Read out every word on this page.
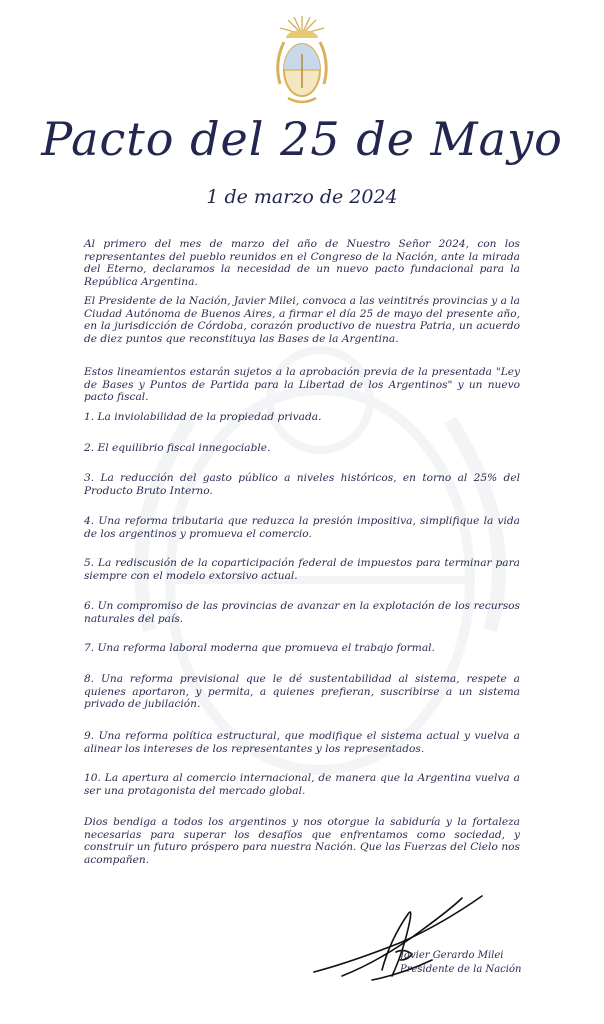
Pacto del 25 de Mayo
1 de marzo de 2024

Al primero del mes de marzo del año de Nuestro Señor 2024, con los representantes del pueblo reunidos en el Congreso de la Nación, ante la mirada del Eterno, declaramos la necesidad de un nuevo pacto fundacional para la República Argentina.

El Presidente de la Nación, Javier Milei, convoca a las veintitrés provincias y a la Ciudad Autónoma de Buenos Aires, a firmar el día 25 de mayo del presente año, en la jurisdicción de Córdoba, corazón productivo de nuestra Patria, un acuerdo de diez puntos que reconstituya las Bases de la Argentina.

Estos lineamientos estarán sujetos a la aprobación previa de la presentada "Ley de Bases y Puntos de Partida para la Libertad de los Argentinos" y un nuevo pacto fiscal.

1. La inviolabilidad de la propiedad privada.

2. El equilibrio fiscal innegociable.

3. La reducción del gasto público a niveles históricos, en torno al 25% del Producto Bruto Interno.

4. Una reforma tributaria que reduzca la presión impositiva, simplifique la vida de los argentinos y promueva el comercio.

5. La rediscusión de la coparticipación federal de impuestos para terminar para siempre con el modelo extorsivo actual.

6. Un compromiso de las provincias de avanzar en la explotación de los recursos naturales del país.

7. Una reforma laboral moderna que promueva el trabajo formal.

8. Una reforma previsional que le dé sustentabilidad al sistema, respete a quienes aportaron, y permita, a quienes prefieran, suscribirse a un sistema privado de jubilación.

9. Una reforma política estructural, que modifique el sistema actual y vuelva a alinear los intereses de los representantes y los representados.

10. La apertura al comercio internacional, de manera que la Argentina vuelva a ser una protagonista del mercado global.

Dios bendiga a todos los argentinos y nos otorgue la sabiduría y la fortaleza necesarias para superar los desafíos que enfrentamos como sociedad, y construir un futuro próspero para nuestra Nación. Que las Fuerzas del Cielo nos acompañen.

Javier Gerardo Milei
Presidente de la Nación
